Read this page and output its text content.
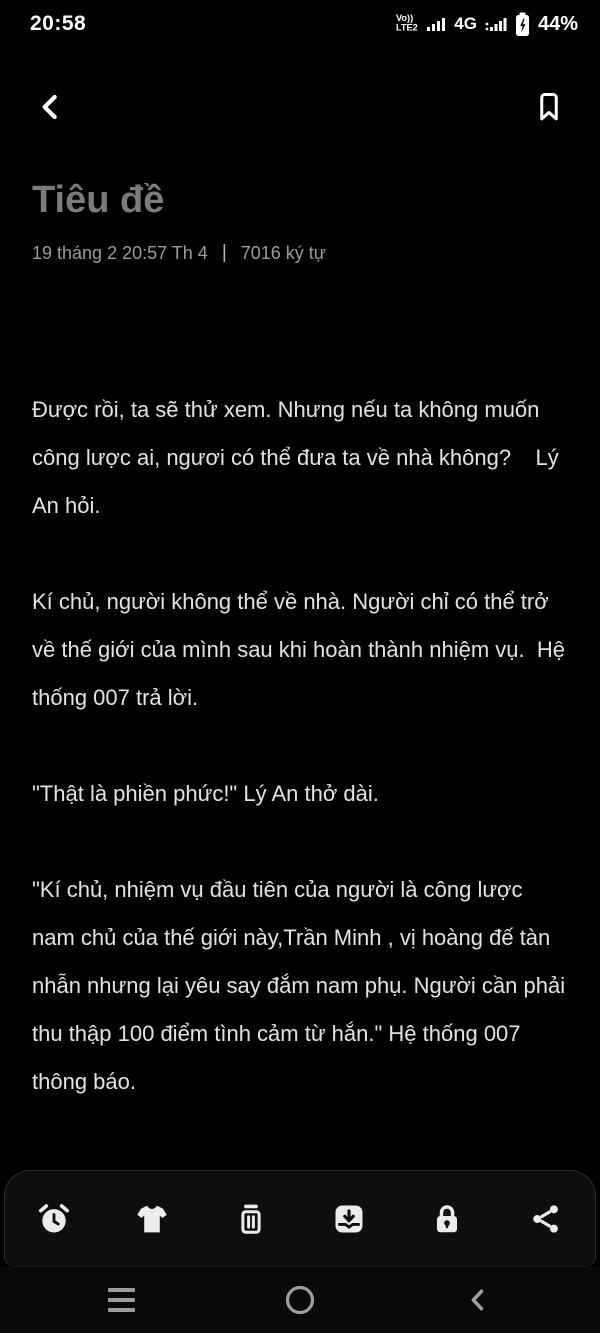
20:58	Vo))
LTE2 4G	44%
Tiêu đề
19 tháng 2 20:57 Th 4 | 7016 ký tự

Được rồi, ta sẽ thử xem. Nhưng nếu ta không muốn công lược ai, ngươi có thể đưa ta về nhà không?    Lý An hỏi.

Kí chủ, người không thể về nhà. Người chỉ có thể trở về thế giới của mình sau khi hoàn thành nhiệm vụ.  Hệ thống 007 trả lời.

"Thật là phiền phức!" Lý An thở dài.

"Kí chủ, nhiệm vụ đầu tiên của người là công lược nam chủ của thế giới này,Trần Minh , vị hoàng đế tàn nhẫn nhưng lại yêu say đắm nam phụ. Người cần phải thu thập 100 điểm tình cảm từ hắn." Hệ thống 007 thông báo.
